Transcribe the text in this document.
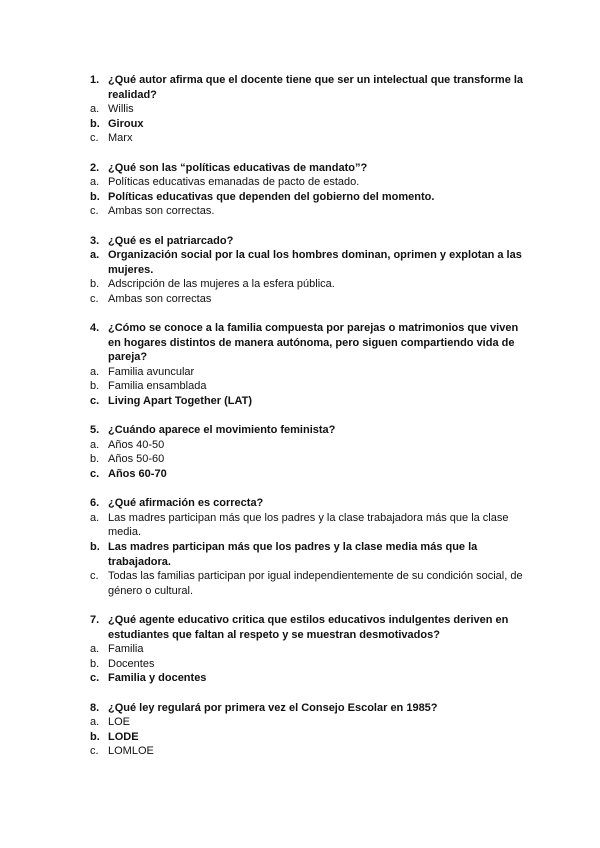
1. ¿Qué autor afirma que el docente tiene que ser un intelectual que transforme la realidad?
a. Willis
b. Giroux
c. Marx
2. ¿Qué son las “políticas educativas de mandato”?
a. Políticas educativas emanadas de pacto de estado.
b. Políticas educativas que dependen del gobierno del momento.
c. Ambas son correctas.
3. ¿Qué es el patriarcado?
a. Organización social por la cual los hombres dominan, oprimen y explotan a las mujeres.
b. Adscripción de las mujeres a la esfera pública.
c. Ambas son correctas
4. ¿Cómo se conoce a la familia compuesta por parejas o matrimonios que viven en hogares distintos de manera autónoma, pero siguen compartiendo vida de pareja?
a. Familia avuncular
b. Familia ensamblada
c. Living Apart Together (LAT)
5. ¿Cuándo aparece el movimiento feminista?
a. Años 40-50
b. Años 50-60
c. Años 60-70
6. ¿Qué afirmación es correcta?
a. Las madres participan más que los padres y la clase trabajadora más que la clase media.
b. Las madres participan más que los padres y la clase media más que la trabajadora.
c. Todas las familias participan por igual independientemente de su condición social, de género o cultural.
7. ¿Qué agente educativo critica que estilos educativos indulgentes deriven en estudiantes que faltan al respeto y se muestran desmotivados?
a. Familia
b. Docentes
c. Familia y docentes
8. ¿Qué ley regulará por primera vez el Consejo Escolar en 1985?
a. LOE
b. LODE
c. LOMLOE
